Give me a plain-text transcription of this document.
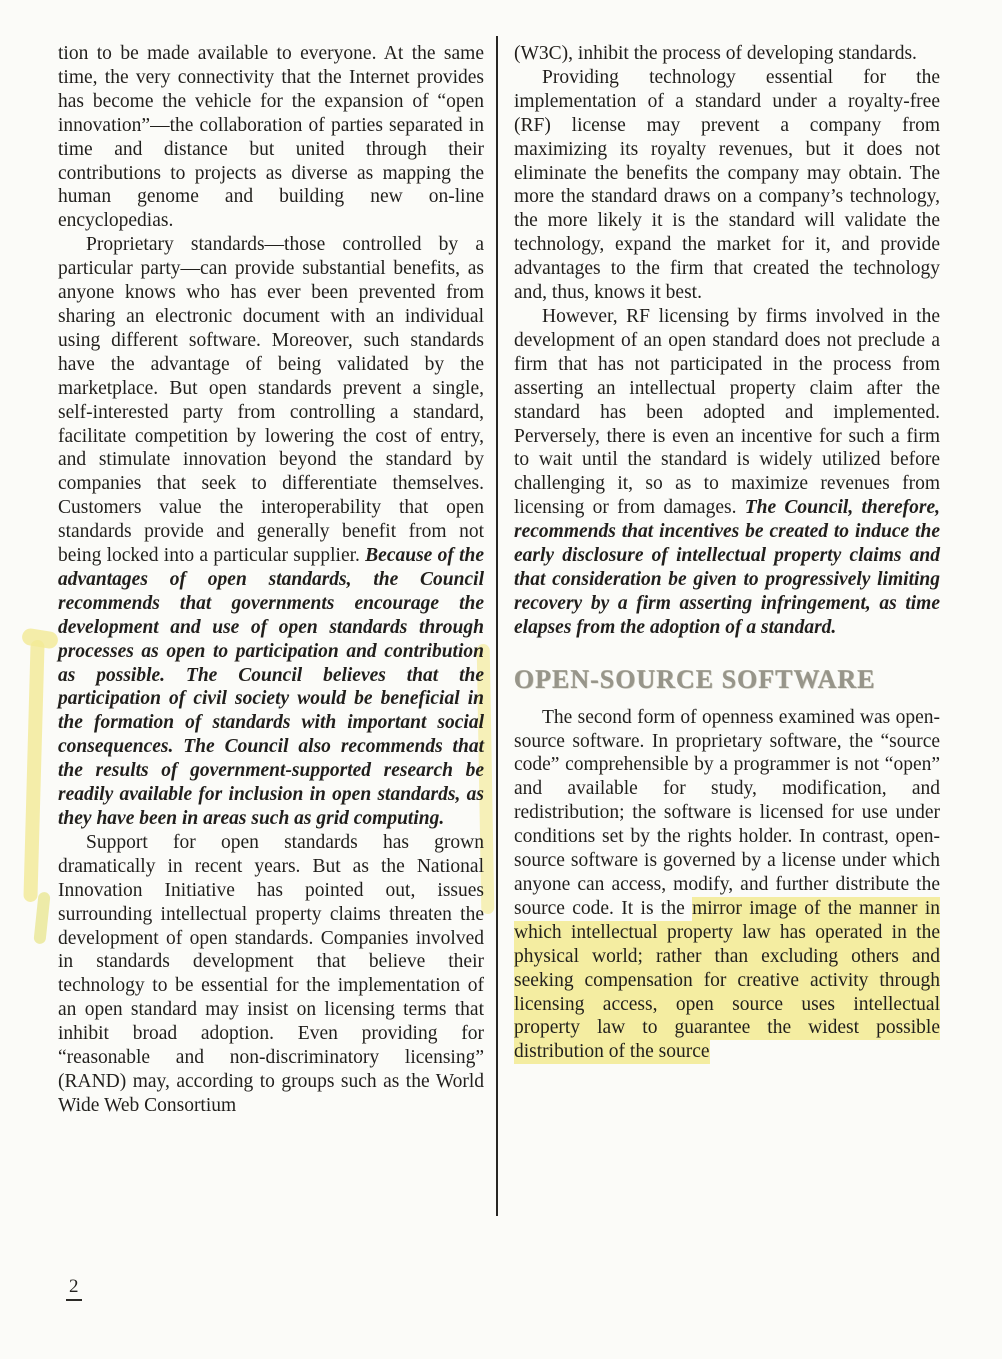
tion to be made available to everyone. At the same time, the very connectivity that the Internet provides has become the vehicle for the expansion of “open innovation”—the collaboration of parties separated in time and distance but united through their contributions to projects as diverse as mapping the human genome and building new on-line encyclopedias.

Proprietary standards—those controlled by a particular party—can provide substantial benefits, as anyone knows who has ever been prevented from sharing an electronic document with an individual using different software. Moreover, such standards have the advantage of being validated by the marketplace. But open standards prevent a single, self-interested party from controlling a standard, facilitate competition by lowering the cost of entry, and stimulate innovation beyond the standard by companies that seek to differentiate themselves. Customers value the interoperability that open standards provide and generally benefit from not being locked into a particular supplier. Because of the advantages of open standards, the Council recommends that governments encourage the development and use of open standards through processes as open to participation and contribution as possible. The Council believes that the participation of civil society would be beneficial in the formation of standards with important social consequences. The Council also recommends that the results of government-supported research be readily available for inclusion in open standards, as they have been in areas such as grid computing.

Support for open standards has grown dramatically in recent years. But as the National Innovation Initiative has pointed out, issues surrounding intellectual property claims threaten the development of open standards. Companies involved in standards development that believe their technology to be essential for the implementation of an open standard may insist on licensing terms that inhibit broad adoption. Even providing for “reasonable and non-discriminatory licensing” (RAND) may, according to groups such as the World Wide Web Consortium

(W3C), inhibit the process of developing standards.

Providing technology essential for the implementation of a standard under a royalty-free (RF) license may prevent a company from maximizing its royalty revenues, but it does not eliminate the benefits the company may obtain. The more the standard draws on a company’s technology, the more likely it is the standard will validate the technology, expand the market for it, and provide advantages to the firm that created the technology and, thus, knows it best.

However, RF licensing by firms involved in the development of an open standard does not preclude a firm that has not participated in the process from asserting an intellectual property claim after the standard has been adopted and implemented. Perversely, there is even an incentive for such a firm to wait until the standard is widely utilized before challenging it, so as to maximize revenues from licensing or from damages. The Council, therefore, recommends that incentives be created to induce the early disclosure of intellectual property claims and that consideration be given to progressively limiting recovery by a firm asserting infringement, as time elapses from the adoption of a standard.

OPEN-SOURCE SOFTWARE

The second form of openness examined was open-source software. In proprietary software, the “source code” comprehensible by a programmer is not “open” and available for study, modification, and redistribution; the software is licensed for use under conditions set by the rights holder. In contrast, open-source software is governed by a license under which anyone can access, modify, and further distribute the source code. It is the mirror image of the manner in which intellectual property law has operated in the physical world; rather than excluding others and seeking compensation for creative activity through licensing access, open source uses intellectual property law to guarantee the widest possible distribution of the source

2
